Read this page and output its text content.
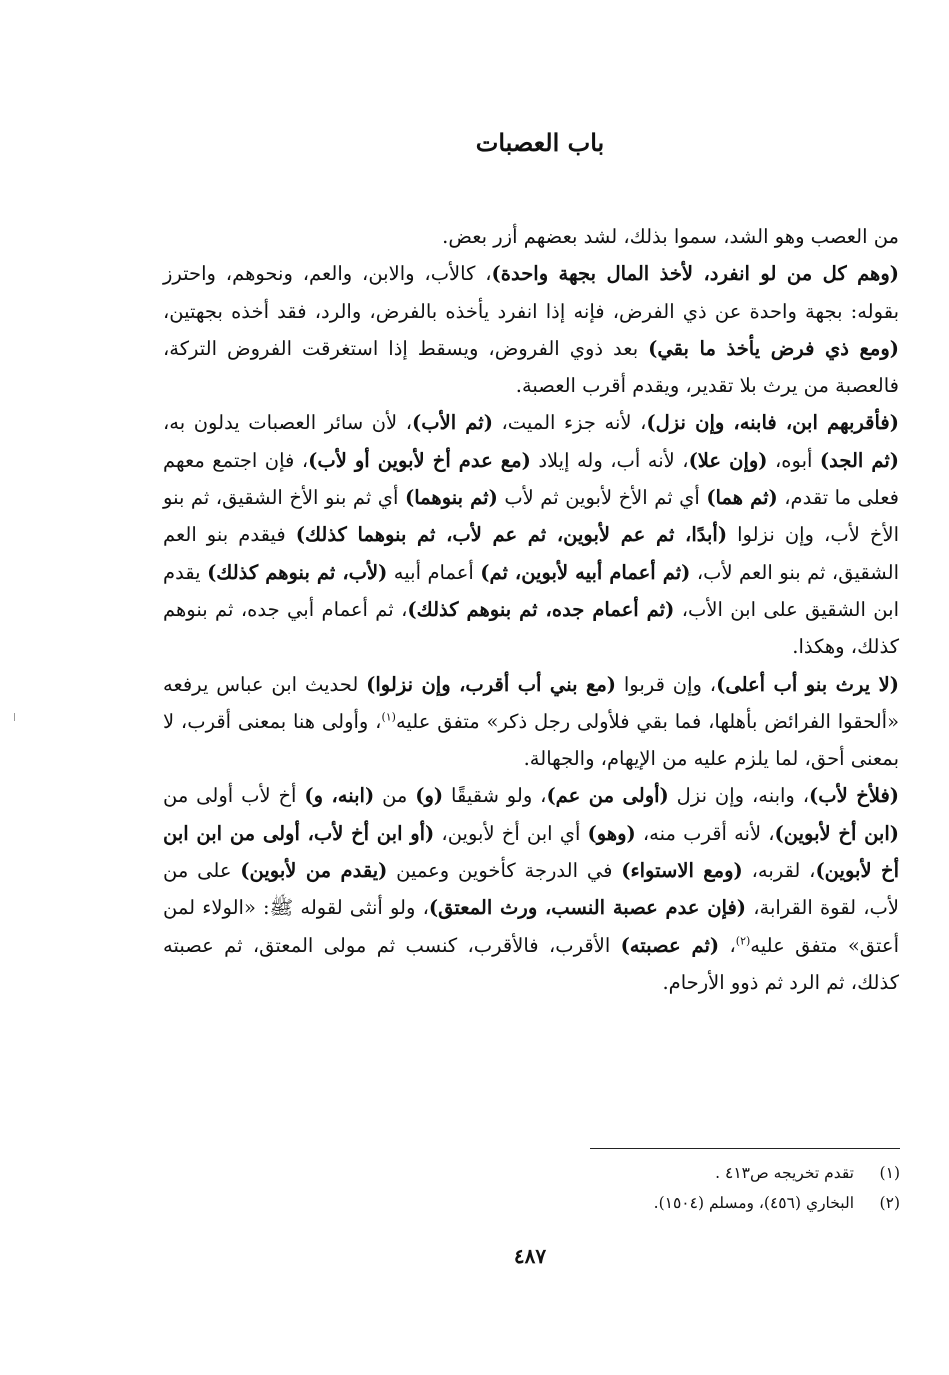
باب العصبات

من العصب وهو الشد، سموا بذلك، لشد بعضهم أزر بعض.

(وهم كل من لو انفرد، لأخذ المال بجهة واحدة)، كالأب، والابن، والعم، ونحوهم، واحترز بقوله: بجهة واحدة عن ذي الفرض، فإنه إذا انفرد يأخذه بالفرض، والرد، فقد أخذه بجهتين، (ومع ذي فرض يأخذ ما بقي) بعد ذوي الفروض، ويسقط إذا استغرقت الفروض التركة، فالعصبة من يرث بلا تقدير، ويقدم أقرب العصبة.

(فأقربهم ابن، فابنه، وإن نزل)، لأنه جزء الميت، (ثم الأب)، لأن سائر العصبات يدلون به، (ثم الجد) أبوه، (وإن علا)، لأنه أب، وله إيلاد (مع عدم أخ لأبوين أو لأب)، فإن اجتمع معهم فعلى ما تقدم، (ثم هما) أي ثم الأخ لأبوين ثم لأب (ثم بنوهما) أي ثم بنو الأخ الشقيق، ثم بنو الأخ لأب، وإن نزلوا (أبدًا، ثم عم لأبوين، ثم عم لأب، ثم بنوهما كذلك) فيقدم بنو العم الشقيق، ثم بنو العم لأب، (ثم أعمام أبيه لأبوين، ثم) أعمام أبيه (لأب، ثم بنوهم كذلك) يقدم ابن الشقيق على ابن الأب، (ثم أعمام جده، ثم بنوهم كذلك)، ثم أعمام أبي جده، ثم بنوهم كذلك، وهكذا.

(لا يرث بنو أب أعلى)، وإن قربوا (مع بني أب أقرب، وإن نزلوا) لحديث ابن عباس يرفعه «ألحقوا الفرائض بأهلها، فما بقي فلأولى رجل ذكر» متفق عليه$^{(١)}$، وأولى هنا بمعنى أقرب، لا بمعنى أحق، لما يلزم عليه من الإيهام، والجهالة.

(فلأخ لأب)، وابنه، وإن نزل (أولى من عم)، ولو شقيقًا (و) من (ابنه، و) أخ لأب أولى من (ابن أخ لأبوين)، لأنه أقرب منه، (وهو) أي ابن أخ لأبوين، (أو ابن أخ لأب، أولى من ابن ابن أخ لأبوين)، لقربه، (ومع الاستواء) في الدرجة كأخوين وعمين (يقدم من لأبوين) على من لأب، لقوة القرابة، (فإن عدم عصبة النسب، ورث المعتق)، ولو أنثى لقوله ﷺ: «الولاء لمن أعتق» متفق عليه$^{(٢)}$، (ثم عصبته) الأقرب، فالأقرب، كنسب ثم مولى المعتق، ثم عصبته كذلك، ثم الرد ثم ذوو الأرحام.

(١)
تقدم تخريجه ص٤١٣ .
(٢)
البخاري (٤٥٦)، ومسلم (١٥٠٤).
٤٨٧
